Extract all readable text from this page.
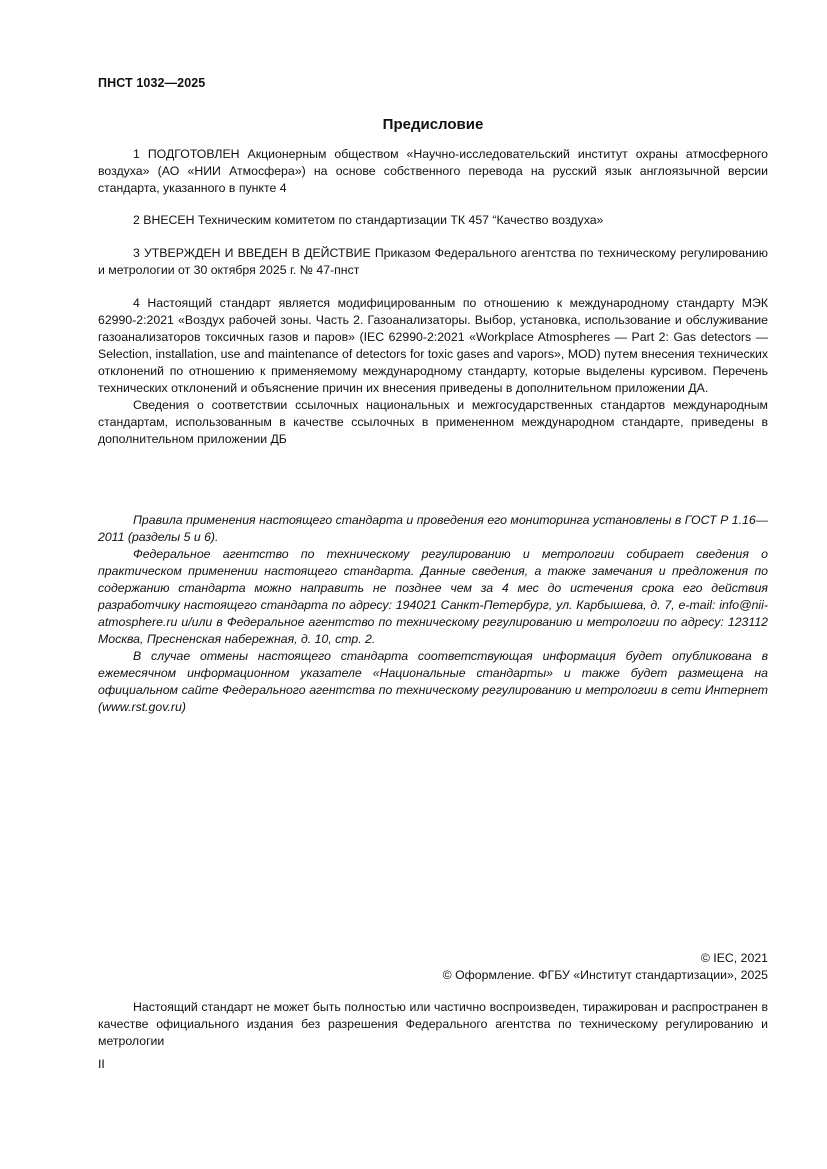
ПНСТ 1032—2025
Предисловие

1 ПОДГОТОВЛЕН Акционерным обществом «Научно-исследовательский институт охраны атмосферного воздуха» (АО «НИИ Атмосфера») на основе собственного перевода на русский язык англоязычной версии стандарта, указанного в пункте 4

2 ВНЕСЕН Техническим комитетом по стандартизации ТК 457 “Качество воздуха»

3 УТВЕРЖДЕН И ВВЕДЕН В ДЕЙСТВИЕ Приказом Федерального агентства по техническому регулированию и метрологии от 30 октября 2025 г. № 47-пнст

4 Настоящий стандарт является модифицированным по отношению к международному стандарту МЭК 62990-2:2021 «Воздух рабочей зоны. Часть 2. Газоанализаторы. Выбор, установка, использование и обслуживание газоанализаторов токсичных газов и паров» (IEC 62990-2:2021 «Workplace Atmospheres — Part 2: Gas detectors — Selection, installation, use and maintenance of detectors for toxic gases and vapors», MOD) путем внесения технических отклонений по отношению к применяемому международному стандарту, которые выделены курсивом. Перечень технических отклонений и объяснение причин их внесения приведены в дополнительном приложении ДА.

Сведения о соответствии ссылочных национальных и межгосударственных стандартов международным стандартам, использованным в качестве ссылочных в примененном международном стандарте, приведены в дополнительном приложении ДБ

Правила применения настоящего стандарта и проведения его мониторинга установлены в ГОСТ Р 1.16—2011 (разделы 5 и 6).

Федеральное агентство по техническому регулированию и метрологии собирает сведения о практическом применении настоящего стандарта. Данные сведения, а также замечания и предложения по содержанию стандарта можно направить не позднее чем за 4 мес до истечения срока его действия разработчику настоящего стандарта по адресу: 194021 Санкт-Петербург, ул. Карбышева, д. 7, e-mail: info@nii-atmosphere.ru и/или в Федеральное агентство по техническому регулированию и метрологии по адресу: 123112 Москва, Пресненская набережная, д. 10, стр. 2.

В случае отмены настоящего стандарта соответствующая информация будет опубликована в ежемесячном информационном указателе «Национальные стандарты» и также будет размещена на официальном сайте Федерального агентства по техническому регулированию и метрологии в сети Интернет (www.rst.gov.ru)

© IEC, 2021
© Оформление. ФГБУ «Институт стандартизации», 2025

Настоящий стандарт не может быть полностью или частично воспроизведен, тиражирован и распространен в качестве официального издания без разрешения Федерального агентства по техническому регулированию и метрологии

II
